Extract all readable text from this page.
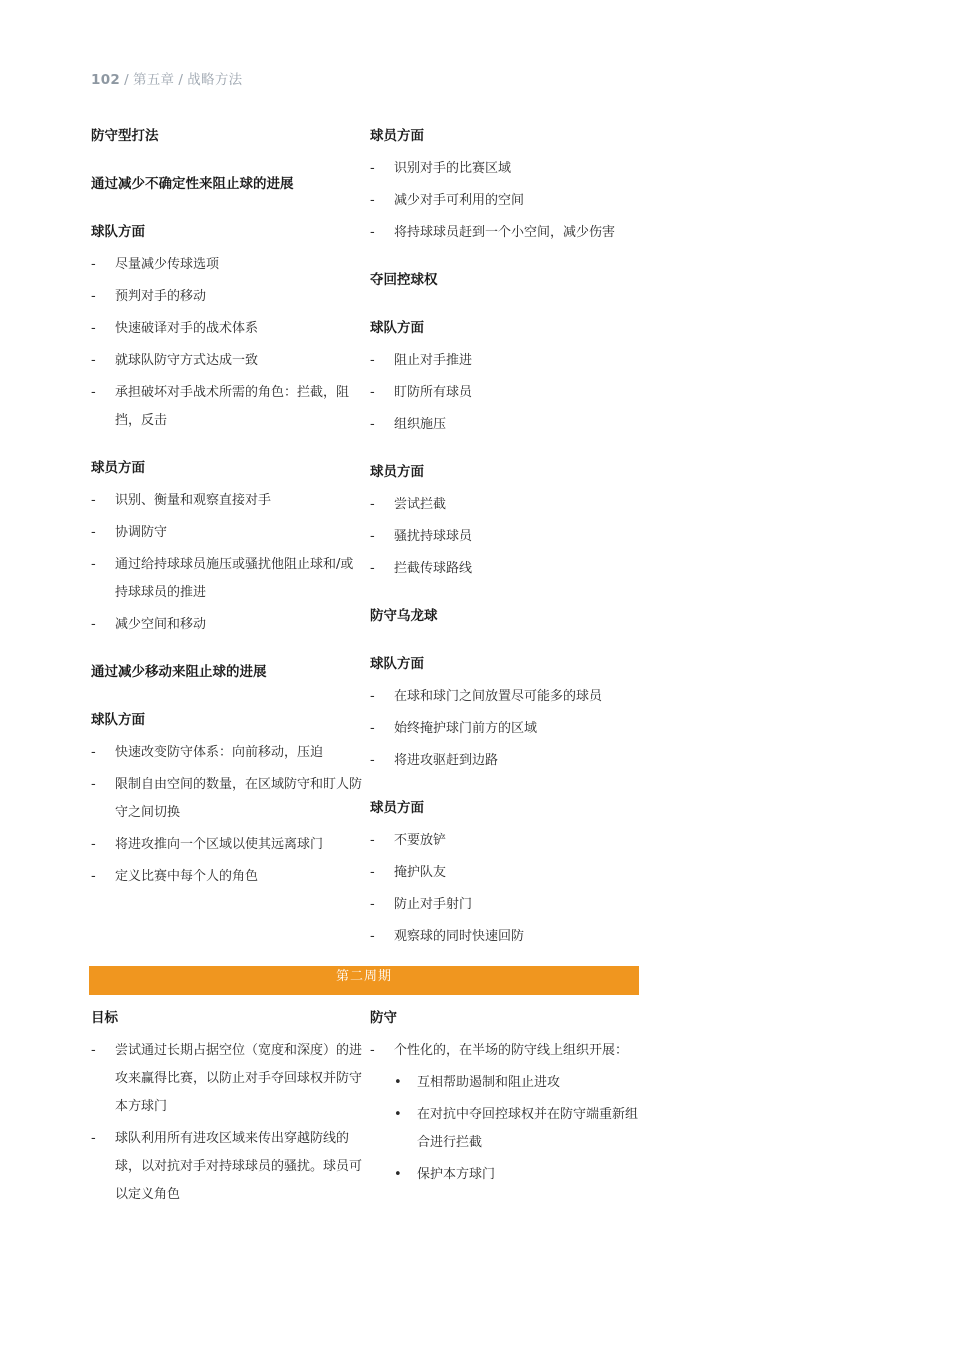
102 / 第五章 / 战略方法
防守型打法
通过减少不确定性来阻止球的进展
球队方面
-	尽量减少传球选项
-	预判对手的移动
-	快速破译对手的战术体系
-	就球队防守方式达成一致
-	承担破坏对手战术所需的角色：拦截，阻挡，反击
球员方面
-	识别、衡量和观察直接对手
-	协调防守
-	通过给持球球员施压或骚扰他阻止球和/或持球球员的推进
-	减少空间和移动
通过减少移动来阻止球的进展
球队方面
-	快速改变防守体系：向前移动，压迫
-	限制自由空间的数量，在区域防守和盯人防守之间切换
-	将进攻推向一个区域以使其远离球门
-	定义比赛中每个人的角色
球员方面
-	识别对手的比赛区域
-	减少对手可利用的空间
-	将持球球员赶到一个小空间，减少伤害
夺回控球权
球队方面
-	阻止对手推进
-	盯防所有球员
-	组织施压
球员方面
-	尝试拦截
-	骚扰持球球员
-	拦截传球路线
防守乌龙球
球队方面
-	在球和球门之间放置尽可能多的球员
-	始终掩护球门前方的区域
-	将进攻驱赶到边路
球员方面
-	不要放铲
-	掩护队友
-	防止对手射门
-	观察球的同时快速回防
第二周期
目标
-	尝试通过长期占据空位（宽度和深度）的进攻来赢得比赛，以防止对手夺回球权并防守本方球门
-	球队利用所有进攻区域来传出穿越防线的球，以对抗对手对持球球员的骚扰。球员可以定义角色
防守
-	个性化的，在半场的防守线上组织开展：
• 互相帮助遏制和阻止进攻
• 在对抗中夺回控球权并在防守端重新组合进行拦截
• 保护本方球门
